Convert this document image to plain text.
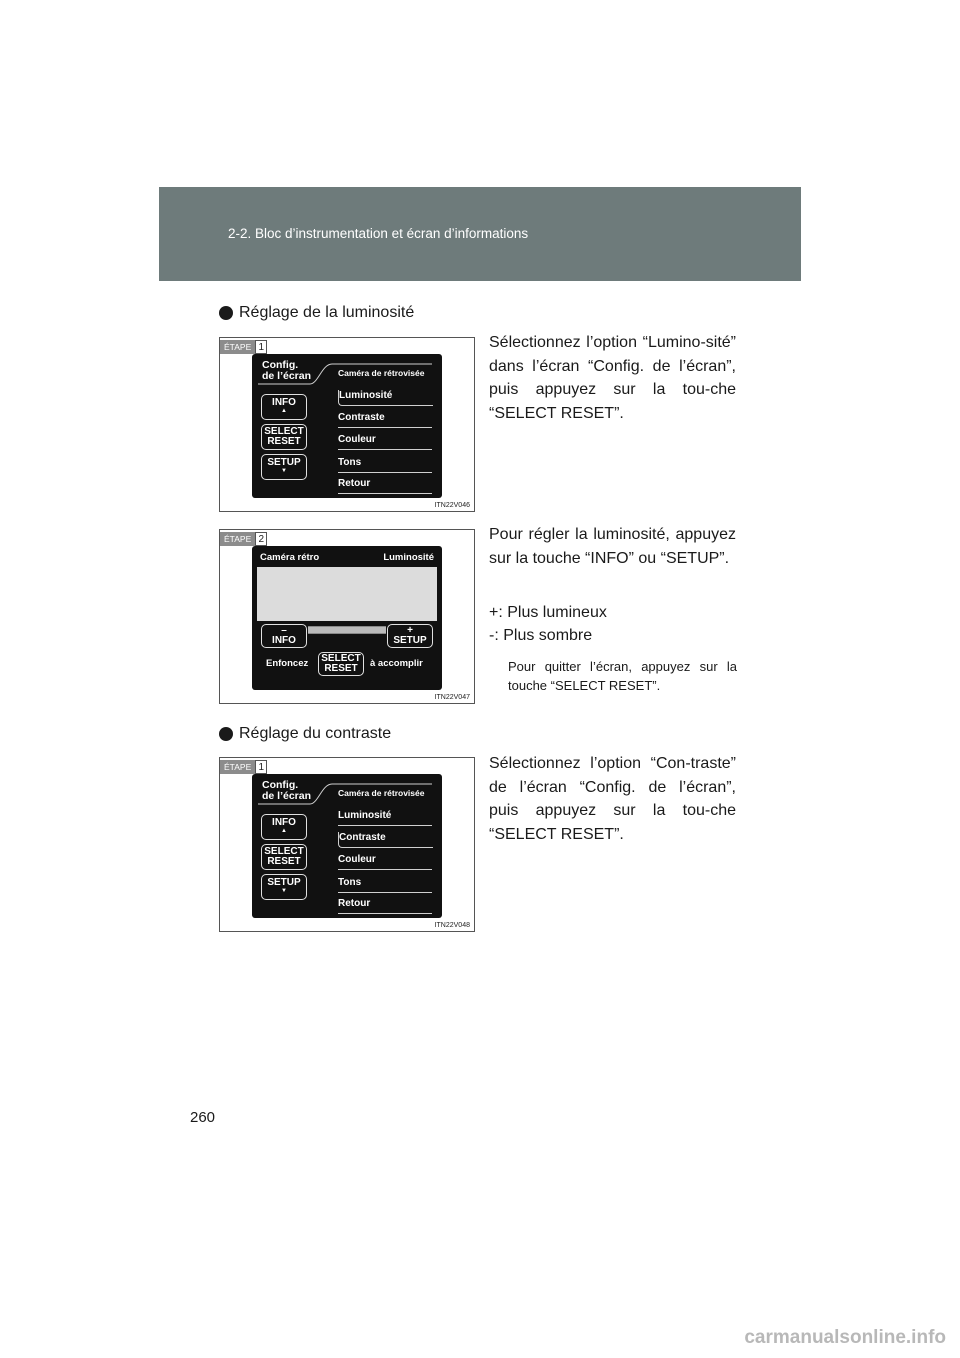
2-2. Bloc d’instrumentation et écran d’informations
Réglage de la luminosité
ÉTAPE 1
Config.
de l’écran	Caméra de rétrovisée
Luminosité
Contraste
Couleur
Tons
Retour
INFO
▲
SELECT
RESET
SETUP
▼
ITN22V046

Sélectionnez l’option “Lumino-sité” dans l’écran “Config. de l’écran”, puis appuyez sur la tou-che “SELECT RESET”.

ÉTAPE 2
Caméra rétro	Luminosité
–
INFO
+
SETUP
Enfoncez SELECT
RESET	à accomplir
ITN22V047

Pour régler la luminosité, appuyez sur la touche “INFO” ou “SETUP”.

+: Plus lumineux

-: Plus sombre

Pour quitter l’écran, appuyez sur la touche “SELECT RESET”.

Réglage du contraste
ÉTAPE 1
Config.
de l’écran	Caméra de rétrovisée
Luminosité
Contraste
Couleur
Tons
Retour
INFO
▲
SELECT
RESET
SETUP
▼
ITN22V048

Sélectionnez l’option “Con-traste” de l’écran “Config. de l’écran”, puis appuyez sur la tou-che “SELECT RESET”.

260
carmanualsonline.info
